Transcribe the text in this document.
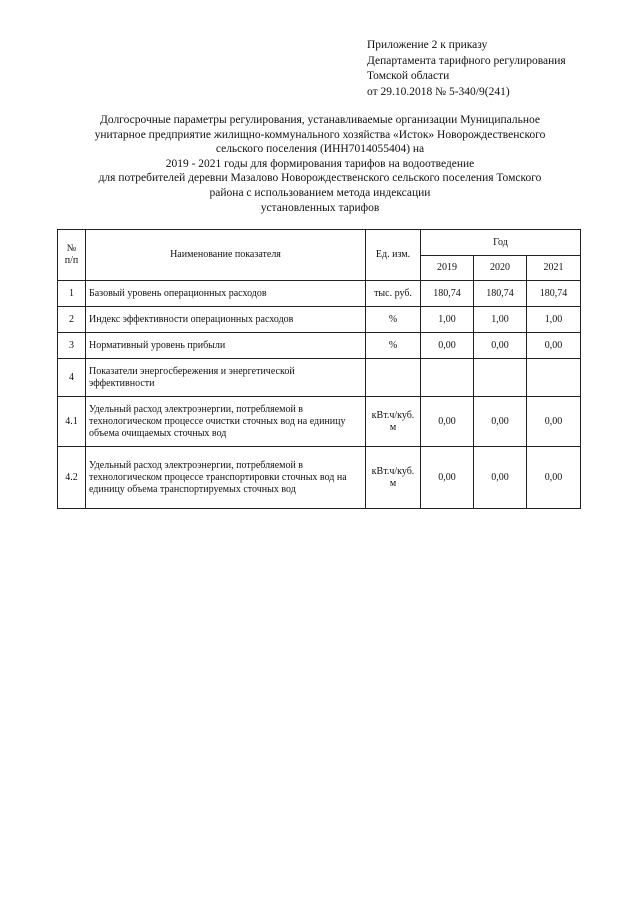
Приложение 2 к приказу
Департамента тарифного регулирования
Томской области
от 29.10.2018 № 5-340/9(241)
Долгосрочные параметры регулирования, устанавливаемые организации Муниципальное
унитарное предприятие жилищно-коммунального хозяйства «Исток» Новорождественского
сельского поселения (ИНН7014055404) на
2019 - 2021 годы для формирования тарифов на водоотведение
для потребителей деревни Мазалово Новорождественского сельского поселения Томского
района с использованием метода индексации
установленных тарифов
№
п/п	Наименование показателя	Ед. изм.	Год		
			2019	2020	2021
1	Базовый уровень операционных расходов	тыс. руб.	180,74	180,74	180,74
2	Индекс эффективности операционных расходов	%	1,00	1,00	1,00
3	Нормативный уровень прибыли	%	0,00	0,00	0,00
4	Показатели энергосбережения и энергетической эффективности				
4.1	Удельный расход электроэнергии, потребляемой в технологическом процессе очистки сточных вод на единицу объема очищаемых сточных вод	кВт.ч/куб. м	0,00	0,00	0,00
4.2	Удельный расход электроэнергии, потребляемой в технологическом процессе транспортировки сточных вод на единицу объема транспортируемых сточных вод	кВт.ч/куб. м	0,00	0,00	0,00
